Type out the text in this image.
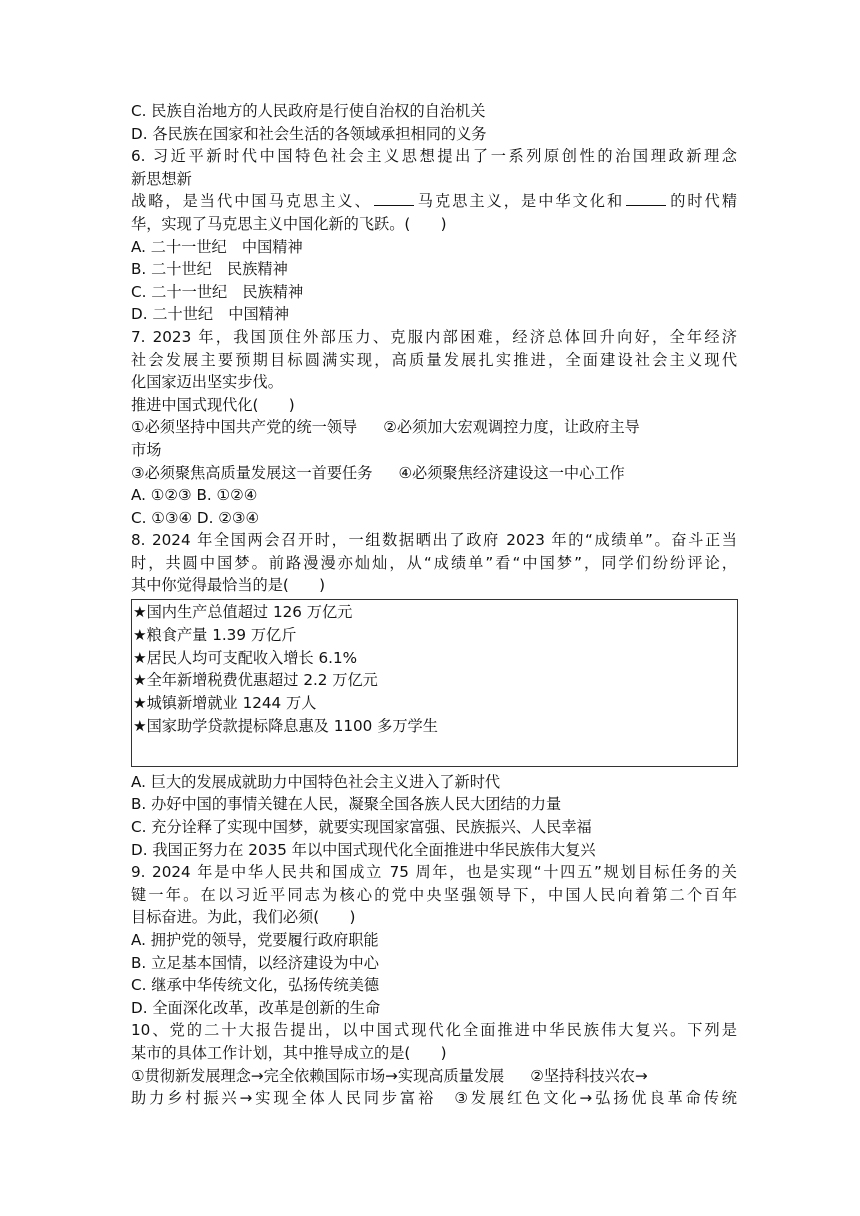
C. 民族自治地方的人民政府是行使自治权的自治机关
D. 各民族在国家和社会生活的各领域承担相同的义务
6. 习近平新时代中国特色社会主义思想提出了一系列原创性的治国理政新理念
新思想新
战略，是当代中国马克思主义、	马克思主义，是中华文化和	的时代精
华，实现了马克思主义中国化新的飞跃。(　　)
A. 二十一世纪　中国精神
B. 二十世纪　民族精神
C. 二十一世纪　民族精神
D. 二十世纪　中国精神
7. 2023 年，我国顶住外部压力、克服内部困难，经济总体回升向好，全年经济
社会发展主要预期目标圆满实现，高质量发展扎实推进，全面建设社会主义现代
化国家迈出坚实步伐。
推进中国式现代化(　　)
①必须坚持中国共产党的统一领导 ②必须加大宏观调控力度，让政府主导
市场
③必须聚焦高质量发展这一首要任务 ④必须聚焦经济建设这一中心工作
A. ①②③ B. ①②④
C. ①③④ D. ②③④
8. 2024 年全国两会召开时，一组数据晒出了政府 2023 年的“成绩单”。奋斗正当
时，共圆中国梦。前路漫漫亦灿灿，从“成绩单”看“中国梦”，同学们纷纷评论，
其中你觉得最恰当的是(　　)
★国内生产总值超过 126 万亿元
★粮食产量 1.39 万亿斤
★居民人均可支配收入增长 6.1%
★全年新增税费优惠超过 2.2 万亿元
★城镇新增就业 1244 万人
★国家助学贷款提标降息惠及 1100 多万学生
A. 巨大的发展成就助力中国特色社会主义进入了新时代
B. 办好中国的事情关键在人民，凝聚全国各族人民大团结的力量
C. 充分诠释了实现中国梦，就要实现国家富强、民族振兴、人民幸福
D. 我国正努力在 2035 年以中国式现代化全面推进中华民族伟大复兴
9. 2024 年是中华人民共和国成立 75 周年，也是实现“十四五”规划目标任务的关
键一年。在以习近平同志为核心的党中央坚强领导下，中国人民向着第二个百年
目标奋进。为此，我们必须(　　)
A. 拥护党的领导，党要履行政府职能
B. 立足基本国情，以经济建设为中心
C. 继承中华传统文化，弘扬传统美德
D. 全面深化改革，改革是创新的生命
10、党的二十大报告提出，以中国式现代化全面推进中华民族伟大复兴。下列是
某市的具体工作计划，其中推导成立的是(　　)
①贯彻新发展理念→完全依赖国际市场→实现高质量发展 ②坚持科技兴农→
助力乡村振兴→实现全体人民同步富裕　③发展红色文化→弘扬优良革命传统
